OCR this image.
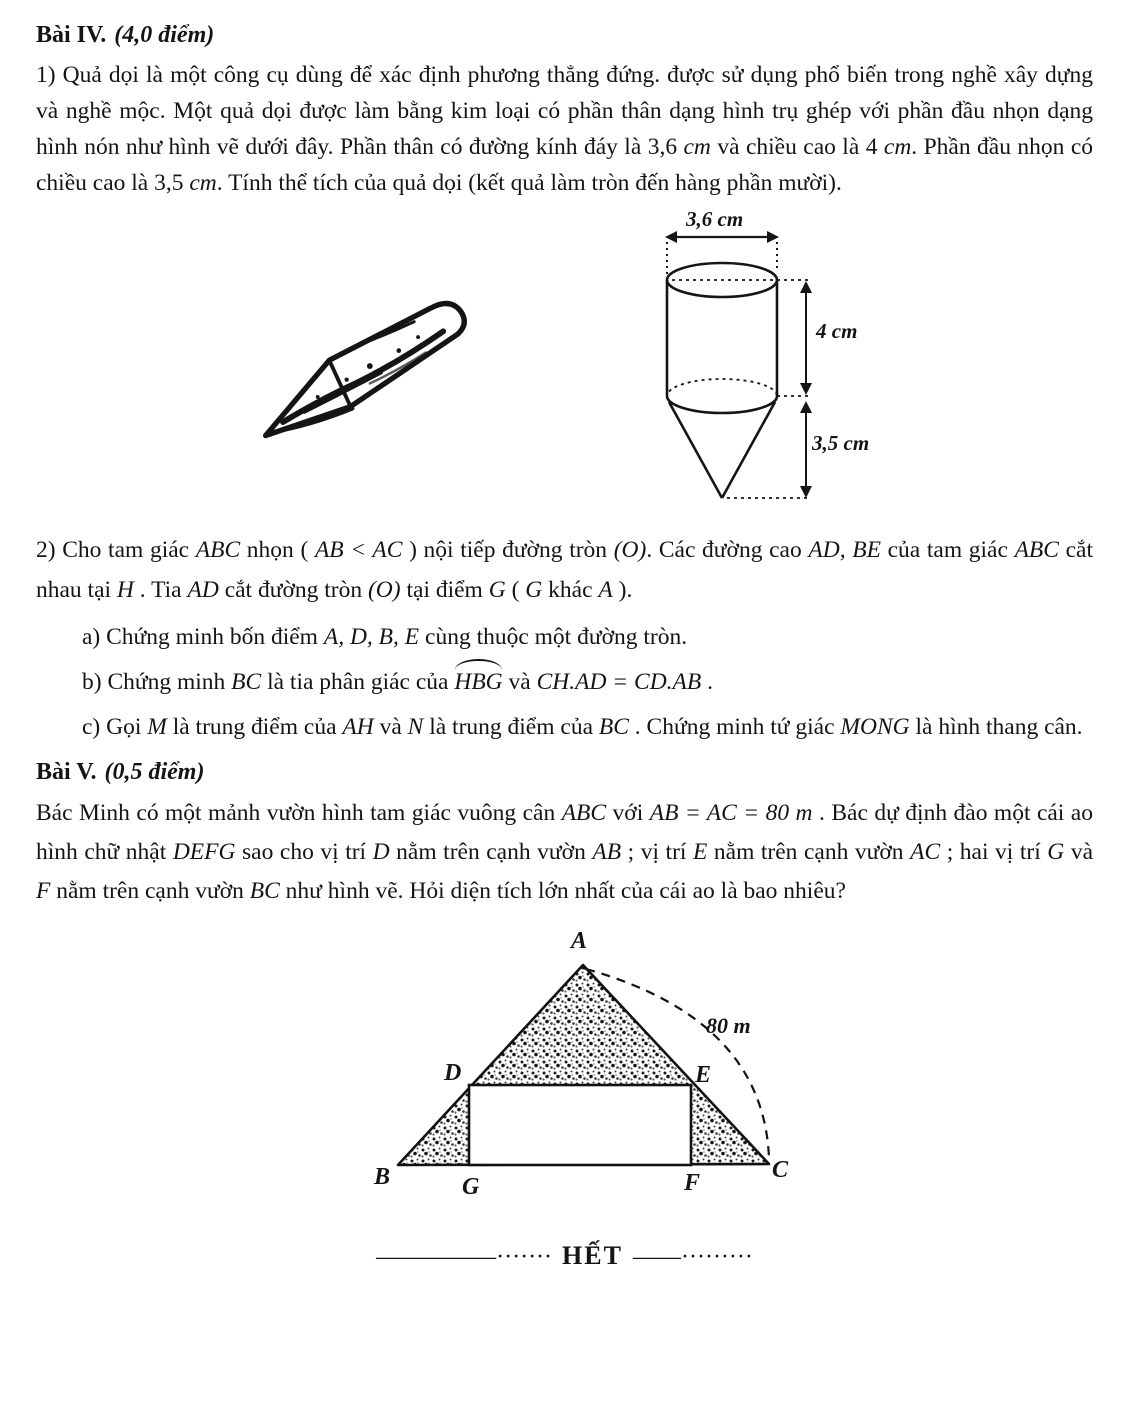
Bài IV. (4,0 điểm)

1) Quả dọi là một công cụ dùng để xác định phương thẳng đứng. được sử dụng phổ biến trong nghề xây dựng và nghề mộc. Một quả dọi được làm bằng kim loại có phần thân dạng hình trụ ghép với phần đầu nhọn dạng hình nón như hình vẽ dưới đây. Phần thân có đường kính đáy là 3,6 cm và chiều cao là 4 cm. Phần đầu nhọn có chiều cao là 3,5 cm. Tính thể tích của quả dọi (kết quả làm tròn đến hàng phần mười).

3,6 cm
4 cm
3,5 cm

2) Cho tam giác ABC nhọn ( AB < AC ) nội tiếp đường tròn (O). Các đường cao AD, BE của tam giác ABC cắt nhau tại H . Tia AD cắt đường tròn (O) tại điểm G ( G khác A ).

a) Chứng minh bốn điểm A, D, B, E cùng thuộc một đường tròn.

b) Chứng minh BC là tia phân giác của HBG và CH.AD = CD.AB .

c) Gọi M là trung điểm của AH và N là trung điểm của BC . Chứng minh tứ giác MONG là hình thang cân.

Bài V. (0,5 điểm)

Bác Minh có một mảnh vườn hình tam giác vuông cân ABC với AB = AC = 80 m . Bác dự định đào một cái ao hình chữ nhật DEFG sao cho vị trí D nằm trên cạnh vườn AB ; vị trí E nằm trên cạnh vườn AC ; hai vị trí G và F nằm trên cạnh vườn BC như hình vẽ. Hỏi diện tích lớn nhất của cái ao là bao nhiêu?

A
80 m
D	E
B	G	F	C
—————······· HẾT ——·········
